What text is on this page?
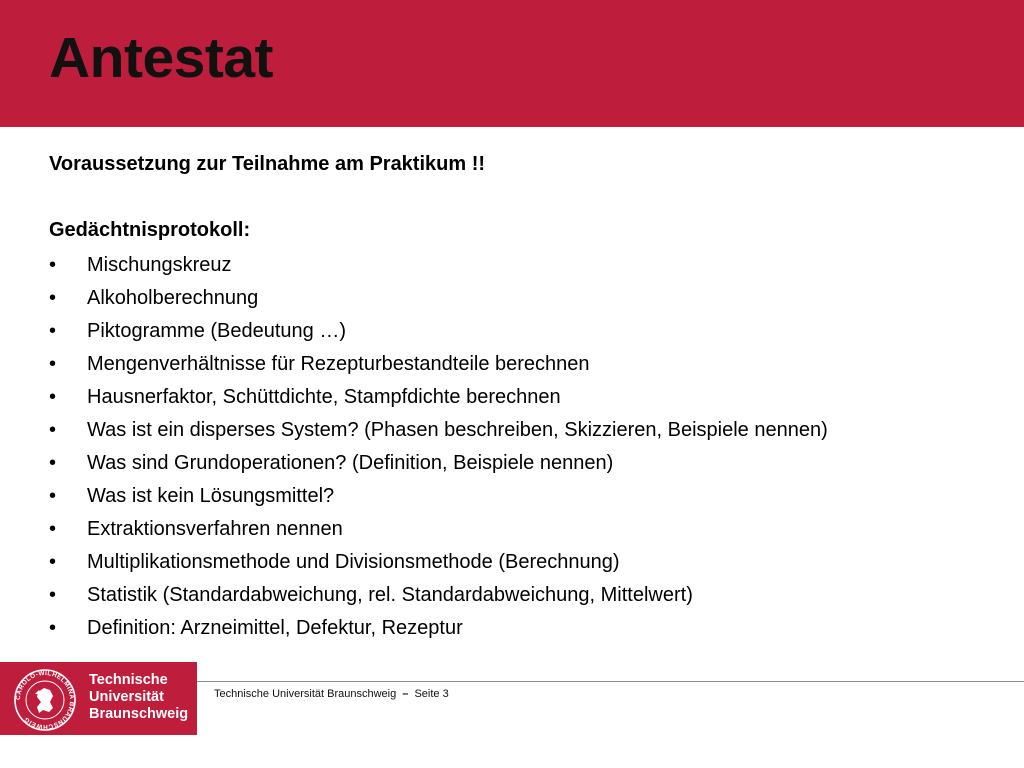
Antestat

Voraussetzung zur Teilnahme am Praktikum !!

Gedächtnisprotokoll:

• Mischungskreuz
• Alkoholberechnung
• Piktogramme (Bedeutung …)
• Mengenverhältnisse für Rezepturbestandteile berechnen
• Hausnerfaktor, Schüttdichte, Stampfdichte berechnen
• Was ist ein disperses System? (Phasen beschreiben, Skizzieren, Beispiele nennen)
• Was sind Grundoperationen? (Definition, Beispiele nennen)
• Was ist kein Lösungsmittel?
• Extraktionsverfahren nennen
• Multiplikationsmethode und Divisionsmethode (Berechnung)
• Statistik (Standardabweichung, rel. Standardabweichung, Mittelwert)
• Definition: Arzneimittel, Defektur, Rezeptur
CAROLO-WILHELMINA BRAUNSCHWEIG
Technische
Universität
Braunschweig
Technische Universität Braunschweig – Seite 3
